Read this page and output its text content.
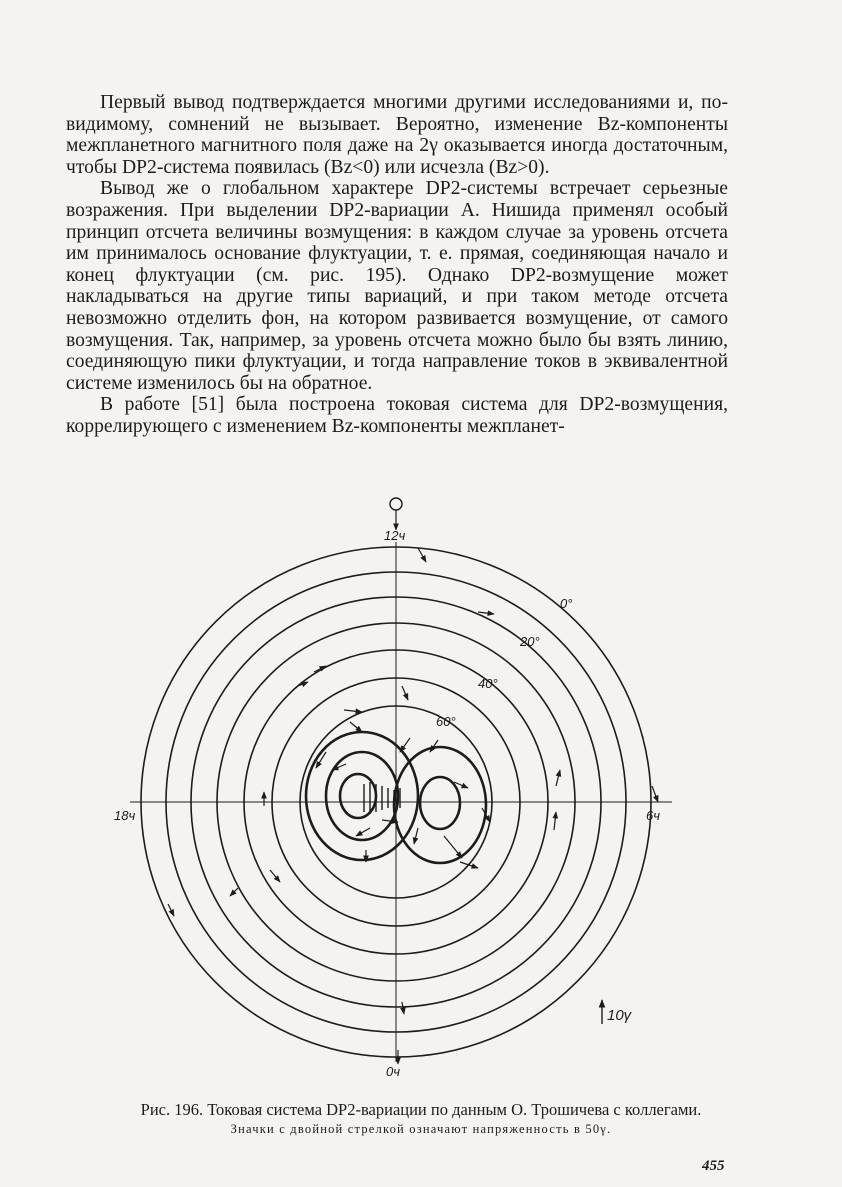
Первый вывод подтверждается многими другими исследованиями и, по-видимому, сомнений не вызывает. Вероятно, изменение Bz-компоненты межпланетного магнитного поля даже на 2γ оказывается иногда достаточным, чтобы DP2-система появилась (Bz<0) или исчезла (Bz>0).

Вывод же о глобальном характере DP2-системы встречает серьезные возражения. При выделении DP2-вариации А. Нишида применял особый принцип отсчета величины возмущения: в каждом случае за уровень отсчета им принималось основание флуктуации, т. е. прямая, соединяющая начало и конец флуктуации (см. рис. 195). Однако DP2-возмущение может накладываться на другие типы вариаций, и при таком методе отсчета невозможно отделить фон, на котором развивается возмущение, от самого возмущения. Так, например, за уровень отсчета можно было бы взять линию, соединяющую пики флуктуации, и тогда направление токов в эквивалентной системе изменилось бы на обратное.

В работе [51] была построена токовая система для DP2-возмущения, коррелирующего с изменением Bz-компоненты межпланет-

12ч
0ч
18ч	6ч
0°
20°
40°
60°
10γ
Рис. 196. Токовая система DP2-вариации по данным О. Трошичева с коллегами.
Значки с двойной стрелкой означают напряженность в 50γ.
455
